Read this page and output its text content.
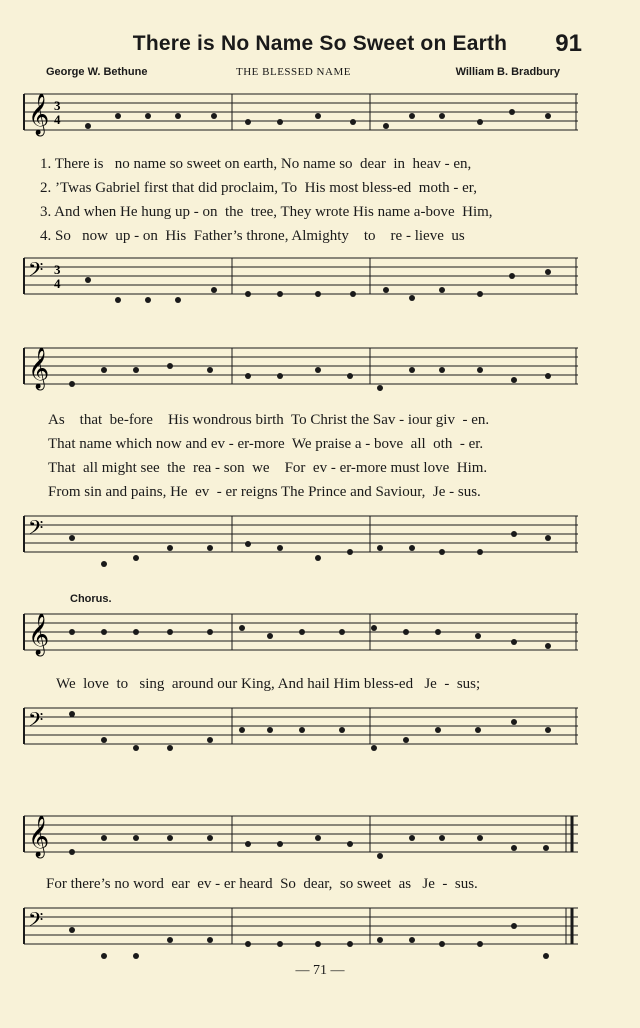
There is No Name So Sweet on Earth	91
George W. Bethune	THE BLESSED NAME	William B. Bradbury
𝄞 3
4
1. There is   no name so sweet on earth, No name so  dear  in  heav - en,
2. ’Twas Gabriel first that did proclaim, To  His most bless-ed  moth - er,
3. And when He hung up - on  the  tree, They wrote His name a-bove  Him,
4. So   now  up - on  His  Father’s throne, Almighty    to    re - lieve  us
𝄢 3
4
𝄞
As    that  be-fore    His wondrous birth  To Christ the Sav - iour giv  - en.
That name which now and ev - er-more  We praise a - bove  all  oth  - er.
That  all might see  the  rea - son  we    For  ev - er-more must love  Him.
From sin and pains, He  ev  - er reigns The Prince and Saviour,  Je - sus.
𝄢
Chorus.
𝄞
We  love  to   sing  around our King, And hail Him bless-ed   Je  -  sus;
𝄢
𝄞
For there’s no word  ear  ev - er heard  So  dear,  so sweet  as   Je  -  sus.
𝄢
— 71 —
